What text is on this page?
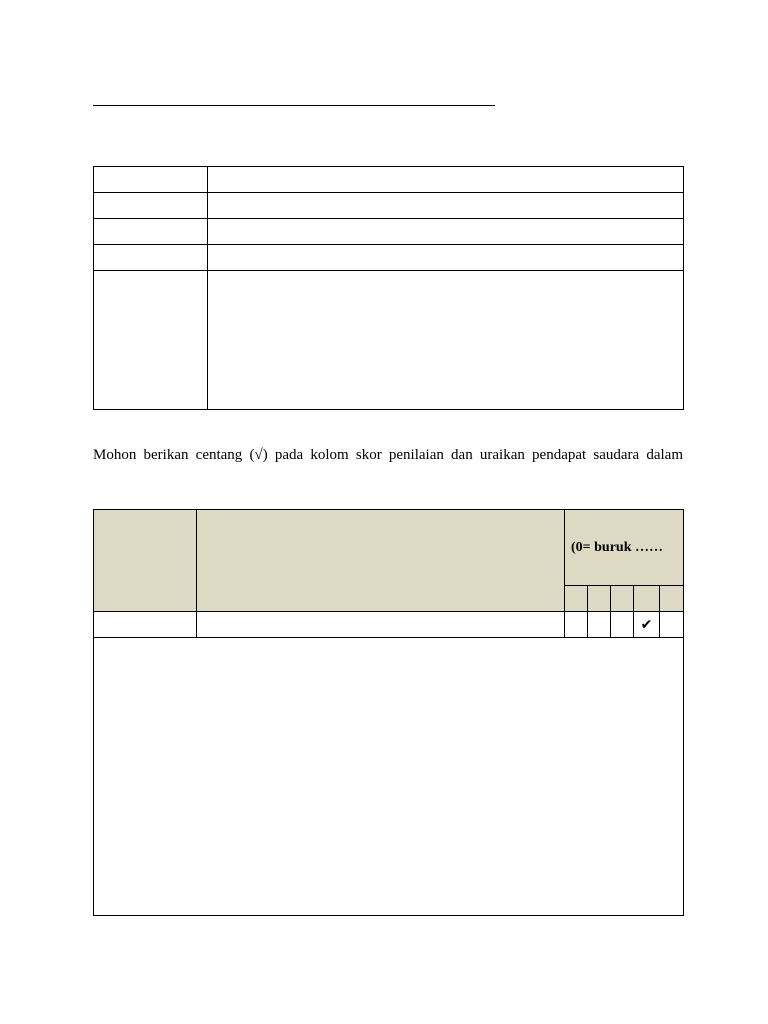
Mohon berikan centang (√) pada kolom skor penilaian dan uraikan pendapat saudara dalam
		(0= buruk ……				

					✔	
